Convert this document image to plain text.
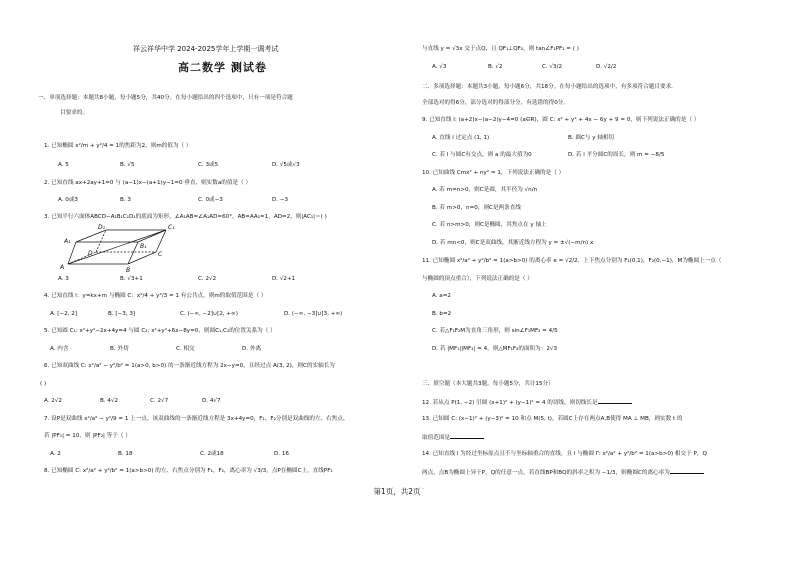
祥云祥华中学 2024-2025学年上学期一调考试
高二数学 测试卷
一、单项选择题：本题共8小题，每小题5分，共40分。在每小题给出的四个选项中，只有一项是符合题
目要求的。
1. 已知椭圆 x²/m + y²/4 = 1的焦距为2，则m的值为（ ）
A. 5	B. √5	C. 3或5	D. √5或√3
2. 已知直线 ax+2ay+1=0 与 (a−1)x−(a+1)y−1=0 垂直，则实数a的值是（ ）
A. 0或3	B. 3	C. 0或−3	D. −3
3. 已知平行六面体ABCD−A₁B₁C₁D₁的底面为矩形，∠A₁AB=∠A₁AD=60°，AB=AA₁=1，AD=2，则|AC₁|＝( )
D₁	C₁
A₁
B₁
D	C
A	B
A. 3	B. √3+1	C. 2√2	D. √2+1
4. 已知直线 l：y=kx+m 与椭圆 C：x²/4 + y²/3 = 1 有公共点，则m的取值范围是（ ）
A. [−2, 2]	B. [−3, 3]	C. (−∞, −2]∪[2, +∞)	D. (−∞, −3]∪[3, +∞)
5. 已知圆 C₁: x²+y²−2x+4y=4 与圆 C₂: x²+y²+6x−8y=0，则圆C₁,C₂的位置关系为（ ）
A. 内含	B. 外切	C. 相交	D. 外离
6. 已知双曲线 C: x²/a² − y²/b² = 1(a>0, b>0) 的一条渐近线方程为 2x−y=0，且经过点 A(3, 2)，则C的实轴长为
( )
A. 2√2	B. 4√2	C. 2√7	D. 4√7
7. 设P是双曲线 x²/a² − y²/9 = 1 上一点，该双曲线的一条渐近线方程是 3x+4y=0，F₁、F₂分别是双曲线的左、右焦点，
若 |PF₁| = 10，则 |PF₂| 等于（ ）
A. 2	B. 18	C. 2或18	D. 16
8. 已知椭圆 C: x²/a² + y²/b² = 1(a>b>0) 的左、右焦点分别为 F₁，F₂，离心率为 √3/3，点P在椭圆C上，直线PF₁
与直线 y = √3x 交于点Q，且 QF₁⊥QF₂，则 tan∠F₁PF₂ = ( )
A. √3	B. √2	C. √3/2	D. √2/2
二、多项选择题：本题共3小题，每小题6分，共18分。在每小题给出的选项中，有多项符合题目要求.
全部选对的得6分，部分选对的得部分分，有选错的得0分。
9. 已知直线 l: (a+2)x−(a−2)y−4=0 (a∈R)，圆 C: x² + y² + 4x − 6y + 9 = 0，则下列说法正确的是（ ）
A. 直线 l 过定点 (1, 1)	B. 圆C与 y 轴相切
C. 若 l 与圆C有交点，则 a 的最大值为0	D. 若 l 平分圆C的周长，则 m = −8/5
10. 已知曲线 Cmx² + ny² = 1，下列说法正确的是（ ）
A. 若 m=n>0，则C是圆，其半径为 √n/n
B. 若 m>0，n=0，则C是两条直线
C. 若 n>m>0，则C是椭圆，其焦点在 y 轴上
D. 若 mn<0，则C是双曲线，其渐近线方程为 y = ±√(−m/n) x
11. 已知椭圆 x²/a² + y²/b² = 1(a>b>0) 的离心率 e = √2/2，上下焦点分别为 F₁(0,1)，F₂(0,−1)，M为椭圆上一点（
与椭圆的顶点重合），下列说法正确的是（ ）
A. a=2
B. b=2
C. 若△F₁F₂M为直角三角形，则 sin∠F₁MF₂ = 4/5
D. 若 |MF₁||MF₂| = 4，则△MF₁F₂的面积为：2√3
三、填空题（本大题共3题，每小题5分，共计15分）
12. 若从点 P(1, −2) 引圆 (x+1)² + (y−1)² = 4 的切线，则切线长是
13. 已知圆 C: (x−1)² + (y−3)² = 10 和点 M(5, t)，若圆C上存在两点A,B使得 MA ⊥ MB，则实数 t 的
取值范围是
14. 已知直线 l 为经过坐标原点且不与坐标轴重合的直线，且 l 与椭圆 Γ: x²/a² + y²/b² = 1(a>b>0) 相交于 P，Q
两点，点B为椭圆上异于P，Q的任意一点，若直线BP和BQ的斜率之积为 −1/3，则椭圆C的离心率为
.
第1页，共2页
